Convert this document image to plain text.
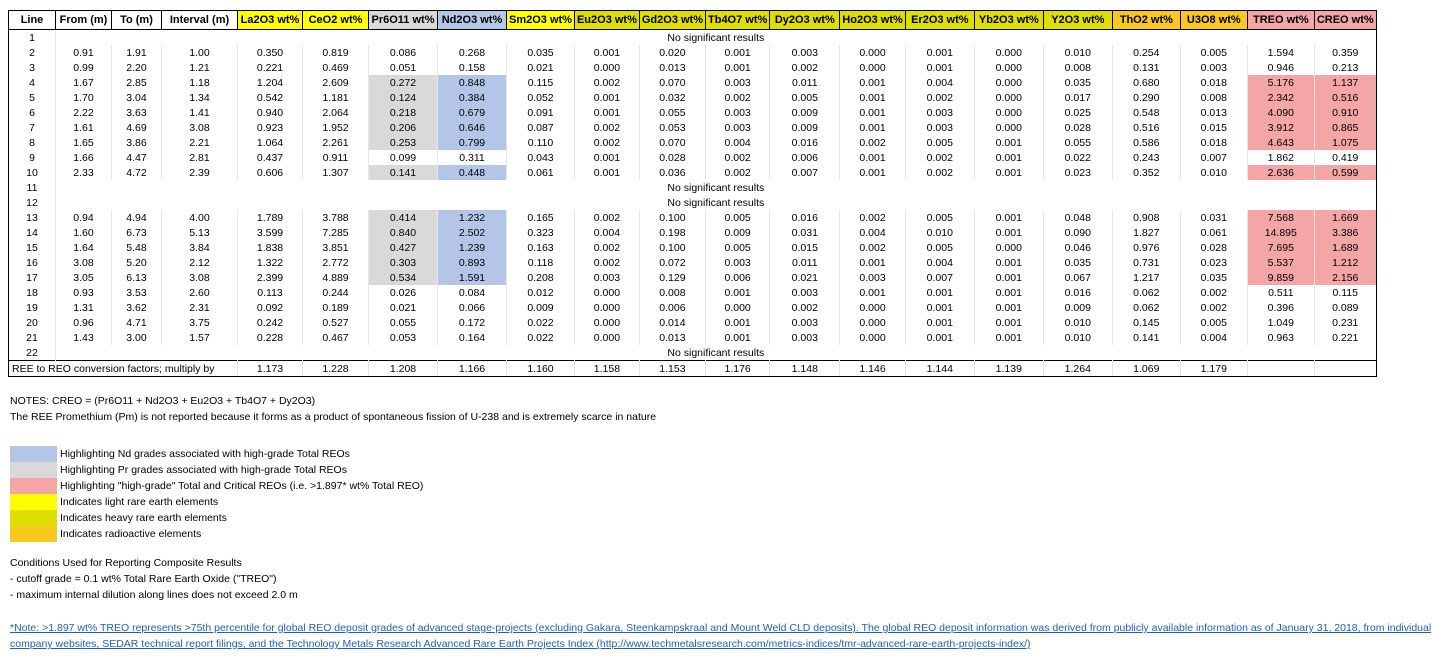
Line	From (m)	To (m)	Interval (m)	La2O3 wt%	CeO2 wt%	Pr6O11 wt%	Nd2O3 wt%	Sm2O3 wt%	Eu2O3 wt%	Gd2O3 wt%	Tb4O7 wt%	Dy2O3 wt%	Ho2O3 wt%	Er2O3 wt%	Yb2O3 wt%	Y2O3 wt%	ThO2 wt%	U3O8 wt%	TREO wt%	CREO wt%
1	No significant results																			
2	0.91	1.91	1.00	0.350	0.819	0.086	0.268	0.035	0.001	0.020	0.001	0.003	0.000	0.001	0.000	0.010	0.254	0.005	1.594	0.359
3	0.99	2.20	1.21	0.221	0.469	0.051	0.158	0.021	0.000	0.013	0.001	0.002	0.000	0.001	0.000	0.008	0.131	0.003	0.946	0.213
4	1.67	2.85	1.18	1.204	2.609	0.272	0.848	0.115	0.002	0.070	0.003	0.011	0.001	0.004	0.000	0.035	0.680	0.018	5.176	1.137
5	1.70	3.04	1.34	0.542	1.181	0.124	0.384	0.052	0.001	0.032	0.002	0.005	0.001	0.002	0.000	0.017	0.290	0.008	2.342	0.516
6	2.22	3.63	1.41	0.940	2.064	0.218	0.679	0.091	0.001	0.055	0.003	0.009	0.001	0.003	0.000	0.025	0.548	0.013	4.090	0.910
7	1.61	4.69	3.08	0.923	1.952	0.206	0.646	0.087	0.002	0.053	0.003	0.009	0.001	0.003	0.000	0.028	0.516	0.015	3.912	0.865
8	1.65	3.86	2.21	1.064	2.261	0.253	0.799	0.110	0.002	0.070	0.004	0.016	0.002	0.005	0.001	0.055	0.586	0.018	4.643	1.075
9	1.66	4.47	2.81	0.437	0.911	0.099	0.311	0.043	0.001	0.028	0.002	0.006	0.001	0.002	0.001	0.022	0.243	0.007	1.862	0.419
10	2.33	4.72	2.39	0.606	1.307	0.141	0.448	0.061	0.001	0.036	0.002	0.007	0.001	0.002	0.001	0.023	0.352	0.010	2.636	0.599
11	No significant results																			
12	No significant results																			
13	0.94	4.94	4.00	1.789	3.788	0.414	1.232	0.165	0.002	0.100	0.005	0.016	0.002	0.005	0.001	0.048	0.908	0.031	7.568	1.669
14	1.60	6.73	5.13	3.599	7.285	0.840	2.502	0.323	0.004	0.198	0.009	0.031	0.004	0.010	0.001	0.090	1.827	0.061	14.895	3.386
15	1.64	5.48	3.84	1.838	3.851	0.427	1.239	0.163	0.002	0.100	0.005	0.015	0.002	0.005	0.000	0.046	0.976	0.028	7.695	1.689
16	3.08	5.20	2.12	1.322	2.772	0.303	0.893	0.118	0.002	0.072	0.003	0.011	0.001	0.004	0.001	0.035	0.731	0.023	5.537	1.212
17	3.05	6.13	3.08	2.399	4.889	0.534	1.591	0.208	0.003	0.129	0.006	0.021	0.003	0.007	0.001	0.067	1.217	0.035	9.859	2.156
18	0.93	3.53	2.60	0.113	0.244	0.026	0.084	0.012	0.000	0.008	0.001	0.003	0.001	0.001	0.001	0.016	0.062	0.002	0.511	0.115
19	1.31	3.62	2.31	0.092	0.189	0.021	0.066	0.009	0.000	0.006	0.000	0.002	0.000	0.001	0.001	0.009	0.062	0.002	0.396	0.089
20	0.96	4.71	3.75	0.242	0.527	0.055	0.172	0.022	0.000	0.014	0.001	0.003	0.000	0.001	0.001	0.010	0.145	0.005	1.049	0.231
21	1.43	3.00	1.57	0.228	0.467	0.053	0.164	0.022	0.000	0.013	0.001	0.003	0.000	0.001	0.001	0.010	0.141	0.004	0.963	0.221
22	No significant results																			
REE to REO conversion factors; multiply by				1.173	1.228	1.208	1.166	1.160	1.158	1.153	1.176	1.148	1.146	1.144	1.139	1.264	1.069	1.179		
NOTES: CREO = (Pr6O11 + Nd2O3 + Eu2O3 + Tb4O7 + Dy2O3)
The REE Promethium (Pm) is not reported because it forms as a product of spontaneous fission of U-238 and is extremely scarce in nature
Highlighting Nd grades associated with high-grade Total REOs
Highlighting Pr grades associated with high-grade Total REOs
Highlighting "high-grade" Total and Critical REOs (i.e. >1.897* wt% Total REO)
Indicates light rare earth elements
Indicates heavy rare earth elements
Indicates radioactive elements
Conditions Used for Reporting Composite Results
- cutoff grade = 0.1 wt% Total Rare Earth Oxide ("TREO")
- maximum internal dilution along lines does not exceed 2.0 m
*Note: >1.897 wt% TREO represents >75th percentile for global REO deposit grades of advanced stage-projects (excluding Gakara, Steenkampskraal and Mount Weld CLD deposits). The global REO deposit information was derived from publicly available information as of January 31, 2018, from individual company websites, SEDAR technical report filings, and the Technology Metals Research Advanced Rare Earth Projects Index (http://www.techmetalsresearch.com/metrics-indices/tmr-advanced-rare-earth-projects-index/)
